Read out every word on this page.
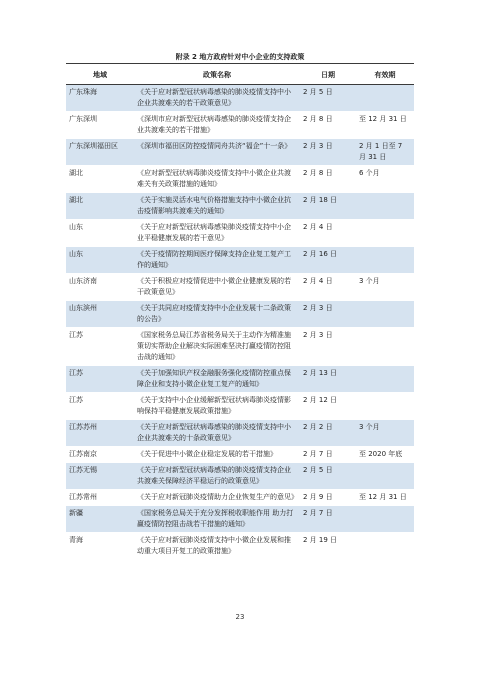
附录 2 地方政府针对中小企业的支持政策
地域	政策名称	日期	有效期
广东珠海	《关于应对新型冠状病毒感染的肺炎疫情支持中小企业共渡难关的若干政策意见》	2 月 5 日	
广东深圳	《深圳市应对新型冠状病毒感染的肺炎疫情支持企业共渡难关的若干措施》	2 月 8 日	至 12 月 31 日
广东深圳福田区	《深圳市福田区防控疫情同舟共济“福企”十一条》	2 月 3 日	2 月 1 日至 7 月 31 日
湖北	《应对新型冠状病毒肺炎疫情支持中小微企业共渡难关有关政策措施的通知》	2 月 8 日	6 个月
湖北	《关于实施灵活水电气价格措施支持中小微企业抗击疫情影响共渡难关的通知》	2 月 18 日	
山东	《关于应对新型冠状病毒感染肺炎疫情支持中小企业平稳健康发展的若干意见》	2 月 4 日	
山东	《关于疫情防控期间医疗保障支持企业复工复产工作的通知》	2 月 16 日	
山东济南	《关于积极应对疫情促进中小微企业健康发展的若干政策意见》	2 月 4 日	3 个月
山东滨州	《关于共同应对疫情支持中小企业发展十二条政策的公告》	2 月 3 日	
江苏	《国家税务总局江苏省税务局关于主动作为精准施策切实帮助企业解决实际困难坚决打赢疫情防控阻击战的通知》	2 月 3 日	
江苏	《关于加强知识产权金融服务强化疫情防控重点保障企业和支持小微企业复工复产的通知》	2 月 13 日	
江苏	《关于支持中小企业缓解新型冠状病毒肺炎疫情影响保持平稳健康发展政策措施》	2 月 12 日	
江苏苏州	《关于应对新型冠状病毒感染的肺炎疫情支持中小企业共渡难关的十条政策意见》	2 月 2 日	3 个月
江苏南京	《关于促进中小微企业稳定发展的若干措施》	2 月 7 日	至 2020 年底
江苏无锡	《关于应对新型冠状病毒感染的肺炎疫情支持企业共渡难关保障经济平稳运行的政策意见》	2 月 5 日	
江苏常州	《关于应对新冠肺炎疫情助力企业恢复生产的意见》	2 月 9 日	至 12 月 31 日
新疆	《国家税务总局关于充分发挥税收职能作用 助力打赢疫情防控阻击战若干措施的通知》	2 月 7 日	
青海	《关于应对新冠肺炎疫情支持中小微企业发展和推动重大项目开复工的政策措施》	2 月 19 日	
23
